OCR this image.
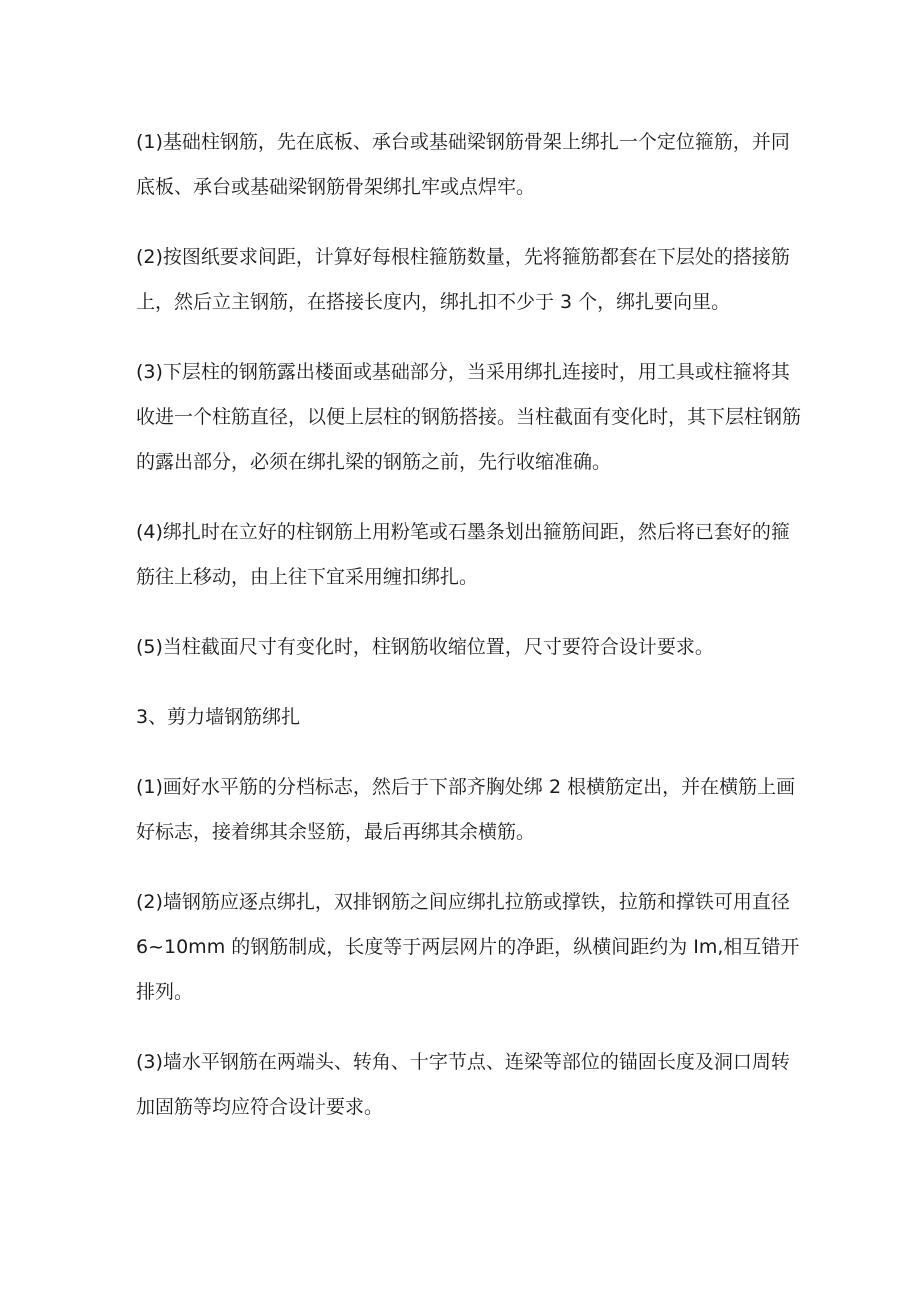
(1)基础柱钢筋，先在底板、承台或基础梁钢筋骨架上绑扎一个定位箍筋，并同底板、承台或基础梁钢筋骨架绑扎牢或点焊牢。

(2)按图纸要求间距，计算好每根柱箍筋数量，先将箍筋都套在下层处的搭接筋上，然后立主钢筋，在搭接长度内，绑扎扣不少于 3 个，绑扎要向里。

(3)下层柱的钢筋露出楼面或基础部分，当采用绑扎连接时，用工具或柱箍将其收进一个柱筋直径，以便上层柱的钢筋搭接。当柱截面有变化时，其下层柱钢筋的露出部分，必须在绑扎梁的钢筋之前，先行收缩准确。

(4)绑扎时在立好的柱钢筋上用粉笔或石墨条划出箍筋间距，然后将已套好的箍筋往上移动，由上往下宜采用缠扣绑扎。

(5)当柱截面尺寸有变化时，柱钢筋收缩位置，尺寸要符合设计要求。

3、剪力墙钢筋绑扎

(1)画好水平筋的分档标志，然后于下部齐胸处绑 2 根横筋定出，并在横筋上画好标志，接着绑其余竖筋，最后再绑其余横筋。

(2)墙钢筋应逐点绑扎，双排钢筋之间应绑扎拉筋或撑铁，拉筋和撑铁可用直径 6~10mm 的钢筋制成，长度等于两层网片的净距，纵横间距约为 Im,相互错开排列。

(3)墙水平钢筋在两端头、转角、十字节点、连梁等部位的锚固长度及洞口周转加固筋等均应符合设计要求。
